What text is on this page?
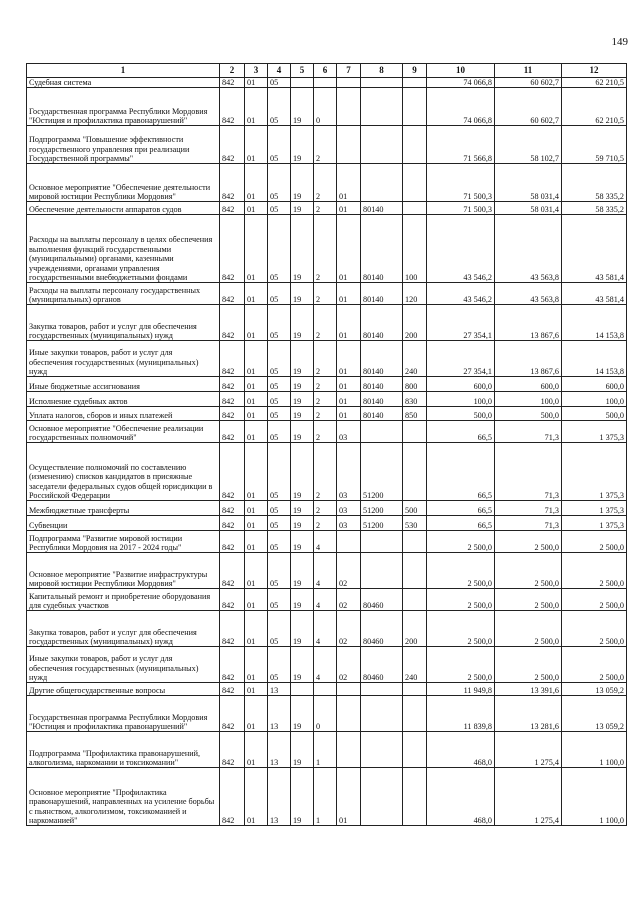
149
1	2	3	4	5	6	7	8	9	10	11	12
Судебная система	842	01	05						74 066,8	60 602,7	62 210,5
Государственная программа Республики Мордовия "Юстиция и профилактика правонарушений"	842	01	05	19	0				74 066,8	60 602,7	62 210,5
Подпрограмма "Повышение эффективности государственного управления при реализации Государственной программы"	842	01	05	19	2				71 566,8	58 102,7	59 710,5
Основное мероприятие "Обеспечение деятельности мировой юстиции Республики Мордовия"	842	01	05	19	2	01			71 500,3	58 031,4	58 335,2
Обеспечение деятельности аппаратов судов	842	01	05	19	2	01	80140		71 500,3	58 031,4	58 335,2
Расходы на выплаты персоналу в целях обеспечения выполнения функций государственными (муниципальными) органами, казенными учреждениями, органами управления государственными внебюджетными фондами	842	01	05	19	2	01	80140	100	43 546,2	43 563,8	43 581,4
Расходы на выплаты персоналу государственных (муниципальных) органов	842	01	05	19	2	01	80140	120	43 546,2	43 563,8	43 581,4
Закупка товаров, работ и услуг для обеспечения государственных (муниципальных) нужд	842	01	05	19	2	01	80140	200	27 354,1	13 867,6	14 153,8
Иные закупки товаров, работ и услуг для обеспечения государственных (муниципальных) нужд	842	01	05	19	2	01	80140	240	27 354,1	13 867,6	14 153,8
Иные бюджетные ассигнования	842	01	05	19	2	01	80140	800	600,0	600,0	600,0
Исполнение судебных актов	842	01	05	19	2	01	80140	830	100,0	100,0	100,0
Уплата налогов, сборов и иных платежей	842	01	05	19	2	01	80140	850	500,0	500,0	500,0
Основное мероприятие "Обеспечение реализации государственных полномочий"	842	01	05	19	2	03			66,5	71,3	1 375,3
Осуществление полномочий по составлению (изменению) списков кандидатов в присяжные заседатели федеральных судов общей юрисдикции в Российской Федерации	842	01	05	19	2	03	51200		66,5	71,3	1 375,3
Межбюджетные трансферты	842	01	05	19	2	03	51200	500	66,5	71,3	1 375,3
Субвенции	842	01	05	19	2	03	51200	530	66,5	71,3	1 375,3
Подпрограмма "Развитие мировой юстиции Республики Мордовия на 2017 - 2024 годы"	842	01	05	19	4				2 500,0	2 500,0	2 500,0
Основное мероприятие "Развитие инфраструктуры мировой юстиции Республики Мордовия"	842	01	05	19	4	02			2 500,0	2 500,0	2 500,0
Капитальный ремонт и приобретение оборудования для судебных участков	842	01	05	19	4	02	80460		2 500,0	2 500,0	2 500,0
Закупка товаров, работ и услуг для обеспечения государственных (муниципальных) нужд	842	01	05	19	4	02	80460	200	2 500,0	2 500,0	2 500,0
Иные закупки товаров, работ и услуг для обеспечения государственных (муниципальных) нужд	842	01	05	19	4	02	80460	240	2 500,0	2 500,0	2 500,0
Другие общегосударственные вопросы	842	01	13						11 949,8	13 391,6	13 059,2
Государственная программа Республики Мордовия "Юстиция и профилактика правонарушений"	842	01	13	19	0				11 839,8	13 281,6	13 059,2
Подпрограмма "Профилактика правонарушений, алкоголизма, наркомании и токсикомании"	842	01	13	19	1				468,0	1 275,4	1 100,0
Основное мероприятие "Профилактика правонарушений, направленных на усиление борьбы с пьянством, алкоголизмом, токсикоманией и наркоманией"	842	01	13	19	1	01			468,0	1 275,4	1 100,0
